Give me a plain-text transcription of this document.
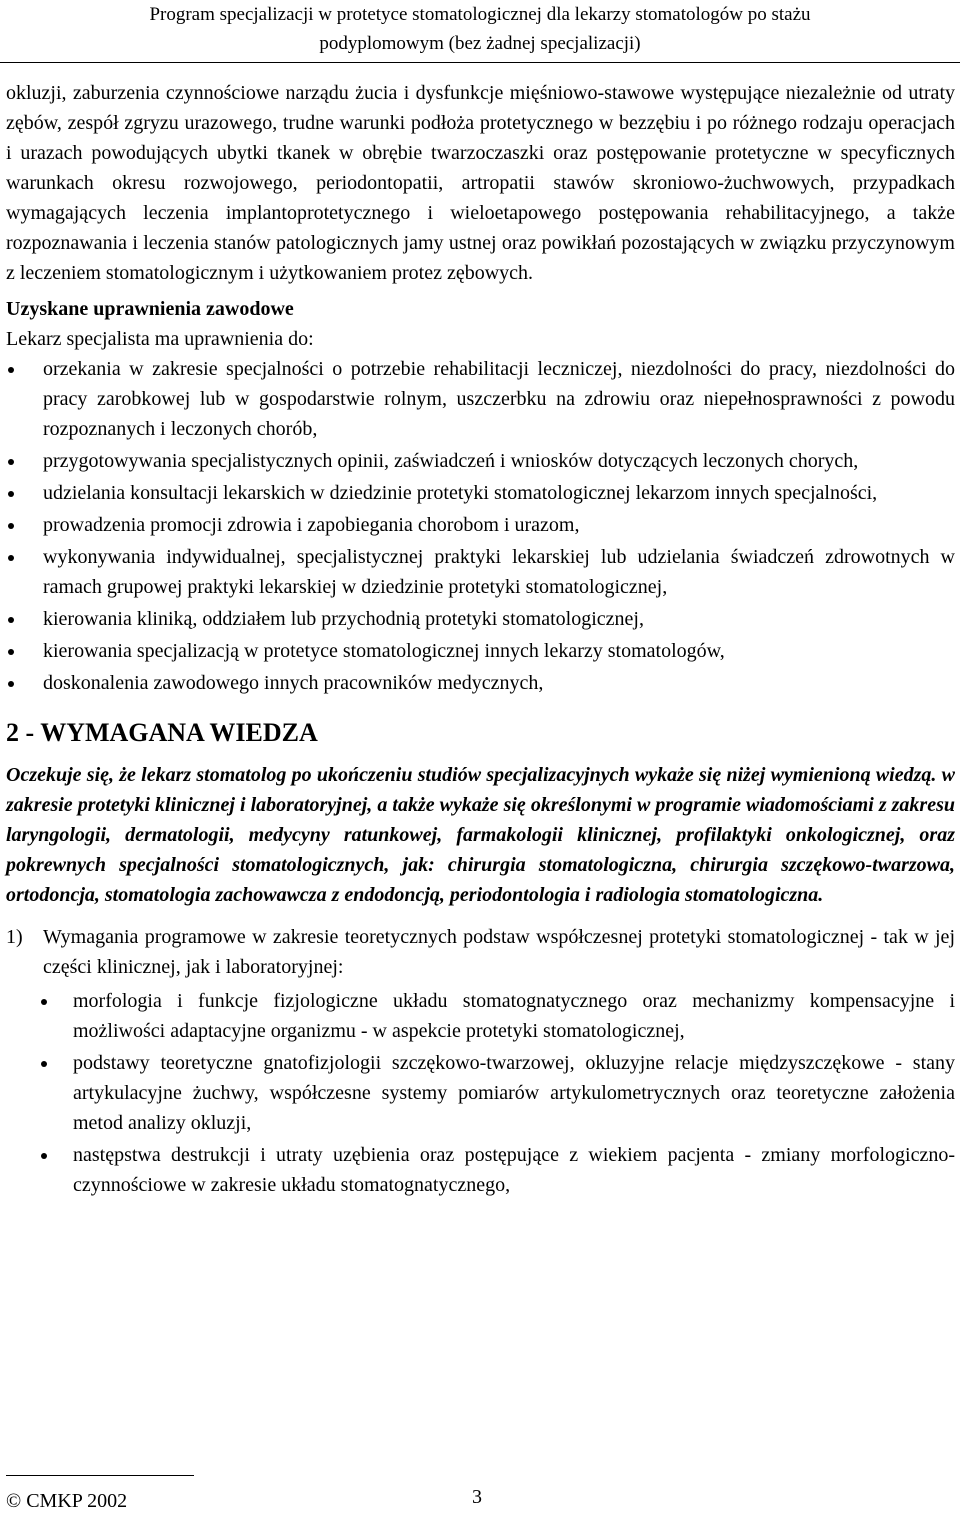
Program specjalizacji w protetyce stomatologicznej dla lekarzy stomatologów po stażu
podyplomowym (bez żadnej specjalizacji)

okluzji, zaburzenia czynnościowe narządu żucia i dysfunkcje mięśniowo-stawowe występujące niezależnie od utraty zębów, zespół zgryzu urazowego, trudne warunki podłoża protetycznego w bezzębiu i po różnego rodzaju operacjach i urazach powodujących ubytki tkanek w obrębie twarzoczaszki oraz postępowanie protetyczne w specyficznych warunkach okresu rozwojowego, periodontopatii, artropatii stawów skroniowo-żuchwowych, przypadkach wymagających leczenia implantoprotetycznego i wieloetapowego postępowania rehabilitacyjnego, a także rozpoznawania i leczenia stanów patologicznych jamy ustnej oraz powikłań pozostających w związku przyczynowym z leczeniem stomatologicznym i użytkowaniem protez zębowych.

Uzyskane uprawnienia zawodowe
Lekarz specjalista ma uprawnienia do:
orzekania w zakresie specjalności o potrzebie rehabilitacji leczniczej, niezdolności do pracy, niezdolności do pracy zarobkowej lub w gospodarstwie rolnym, uszczerbku na zdrowiu oraz niepełnosprawności z powodu rozpoznanych i leczonych chorób,
przygotowywania specjalistycznych opinii, zaświadczeń i wniosków dotyczących leczonych chorych,
udzielania konsultacji lekarskich w dziedzinie protetyki stomatologicznej lekarzom innych specjalności,
prowadzenia promocji zdrowia i zapobiegania chorobom i urazom,
wykonywania indywidualnej, specjalistycznej praktyki lekarskiej lub udzielania świadczeń zdrowotnych w ramach grupowej praktyki lekarskiej w dziedzinie protetyki stomatologicznej,
kierowania kliniką, oddziałem lub przychodnią protetyki stomatologicznej,
kierowania specjalizacją w protetyce stomatologicznej innych lekarzy stomatologów,
doskonalenia zawodowego innych pracowników medycznych,
2 - WYMAGANA WIEDZA

Oczekuje się, że lekarz stomatolog po ukończeniu studiów specjalizacyjnych wykaże się niżej wymienioną wiedzą. w zakresie protetyki klinicznej i laboratoryjnej, a także wykaże się określonymi w programie wiadomościami z zakresu laryngologii, dermatologii, medycyny ratunkowej, farmakologii klinicznej, profilaktyki onkologicznej, oraz pokrewnych specjalności stomatologicznych, jak: chirurgia stomatologiczna, chirurgia szczękowo-twarzowa, ortodoncja, stomatologia zachowawcza z endodoncją, periodontologia i radiologia stomatologiczna.

1) Wymagania programowe w zakresie teoretycznych podstaw współczesnej protetyki stomatologicznej - tak w jej części klinicznej, jak i laboratoryjnej:
morfologia i funkcje fizjologiczne układu stomatognatycznego oraz mechanizmy kompensacyjne i możliwości adaptacyjne organizmu - w aspekcie protetyki stomatologicznej,
podstawy teoretyczne gnatofizjologii szczękowo-twarzowej, okluzyjne relacje międzyszczękowe - stany artykulacyjne żuchwy, współczesne systemy pomiarów artykulometrycznych oraz teoretyczne założenia metod analizy okluzji,
następstwa destrukcji i utraty uzębienia oraz postępujące z wiekiem pacjenta - zmiany morfologiczno-czynnościowe w zakresie układu stomatognatycznego,
© CMKP 2002	3
